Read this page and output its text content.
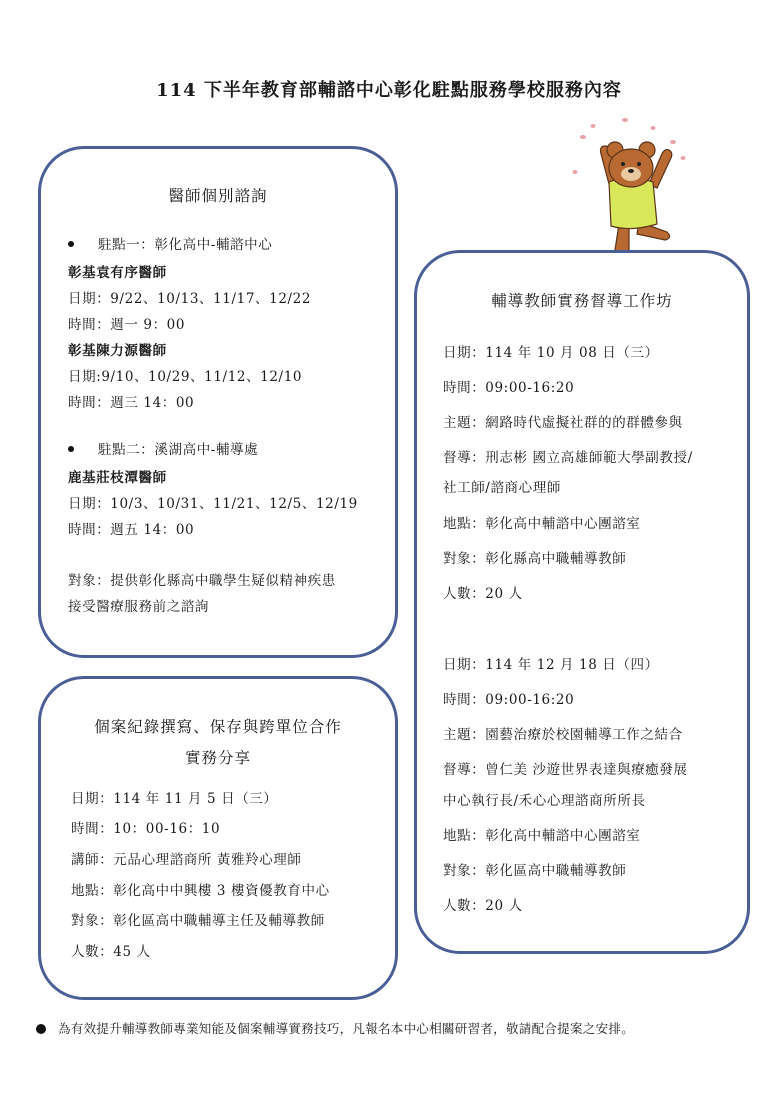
114 下半年教育部輔諮中心彰化駐點服務學校服務內容
醫師個別諮詢
駐點一：彰化高中-輔諮中心
彰基袁有序醫師
日期：9/22、10/13、11/17、12/22
時間：週一 9：00
彰基陳力源醫師
日期:9/10、10/29、11/12、12/10
時間：週三 14：00
駐點二：溪湖高中-輔導處
鹿基莊枝潭醫師
日期：10/3、10/31、11/21、12/5、12/19
時間：週五 14：00
對象：提供彰化縣高中職學生疑似精神疾患
接受醫療服務前之諮詢
輔導教師實務督導工作坊
日期：114 年 10 月 08 日（三）
時間：09:00-16:20
主題：網路時代虛擬社群的的群體參與
督導：刑志彬 國立高雄師範大學副教授/
社工師/諮商心理師
地點：彰化高中輔諮中心團諮室
對象：彰化縣高中職輔導教師
人數：20 人
日期：114 年 12 月 18 日（四）
時間：09:00-16:20
主題：園藝治療於校園輔導工作之結合
督導：曾仁美 沙遊世界表達與療癒發展
中心執行長/禾心心理諮商所所長
地點：彰化高中輔諮中心團諮室
對象：彰化區高中職輔導教師
人數：20 人
個案紀錄撰寫、保存與跨單位合作
實務分享
日期：114 年 11 月 5 日（三）
時間：10：00-16：10
講師：元品心理諮商所 黃雅羚心理師
地點：彰化高中中興樓 3 樓資優教育中心
對象：彰化區高中職輔導主任及輔導教師
人數：45 人
為有效提升輔導教師專業知能及個案輔導實務技巧，凡報名本中心相關研習者，敬請配合提案之安排。
